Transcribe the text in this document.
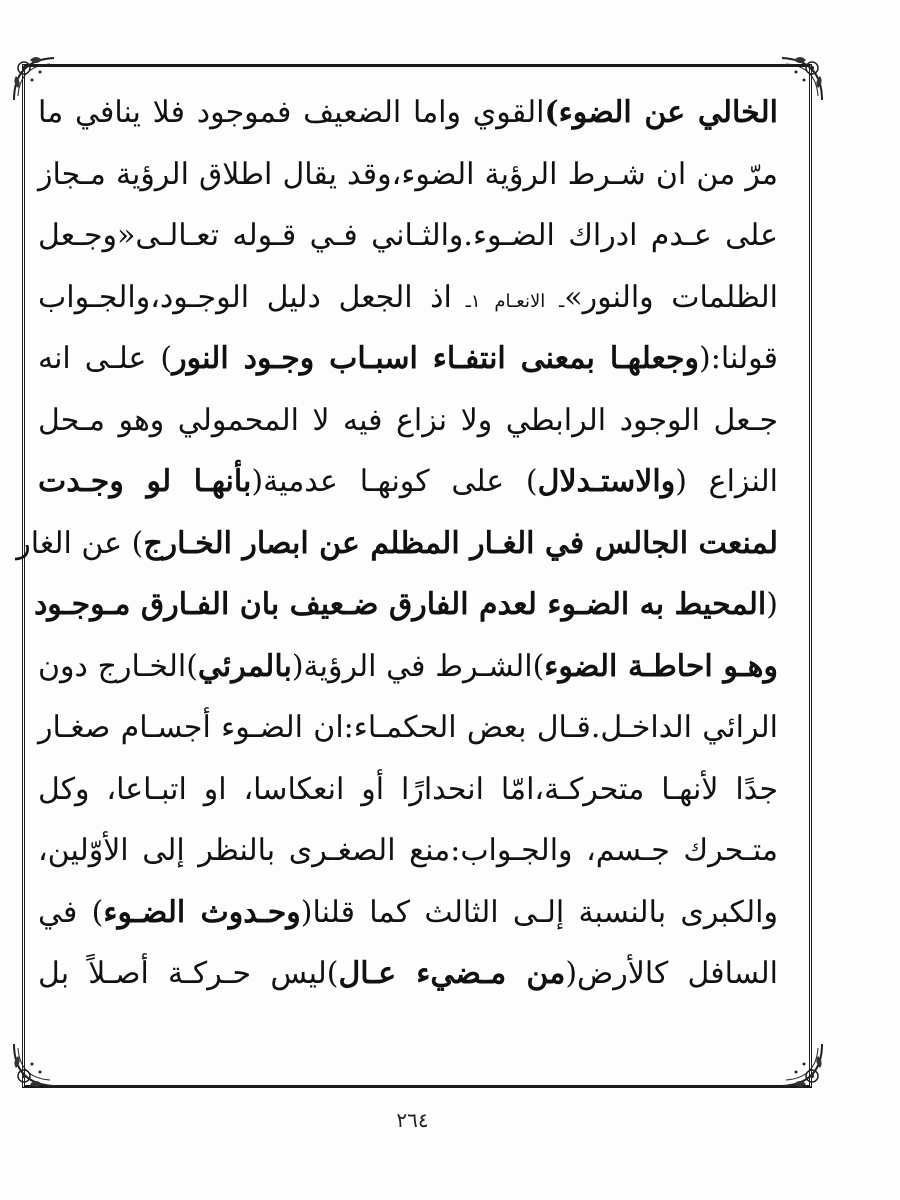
الخالي عن الضوء)القوي واما الضعيف فموجود فلا ينافي ما
مرّ من ان شـرط الرؤية الضوء،وقد يقال اطلاق الرؤية مـجاز
على عـدم ادراك الضـوء.والثـاني فـي قـوله تعـالـى«وجـعل
الظلمات والنور»ـ الانعـام ١ـ اذ الجعل دليل الوجـود،والجـواب
قولنا:(وجعلهـا بمعنى انتفـاء اسبـاب وجـود النور) علـى انه
جـعل الوجود الرابطي ولا نزاع فيه لا المحمولي وهو مـحل
النزاع (والاستـدلال) على كونهـا عدمية(بأنهـا لو وجـدت
لمنعت الجالس في الغـار المظلم عن ابصار الخـارج) عن الغار
(المحيط به الضـوء لعدم الفارق ضـعيف بان الفـارق مـوجـود
وهـو احاطـة الضوء)الشـرط في الرؤية(بالمرئي)الخـارج دون
الرائي الداخـل.قـال بعض الحكمـاء:ان الضـوء أجسـام صغـار
جدًا لأنهـا متحركـة،امّا انحدارًا أو انعكاسا، او اتبـاعا، وكل
متـحرك جـسم، والجـواب:منع الصغـرى بالنظر إلى الأوّلين،
والكبرى بالنسبة إلـى الثالث كما قلنا(وحـدوث الضـوء) في
السافل كالأرض(من مـضيء عـال)ليس حـركـة أصـلاً بل
٢٦٤
